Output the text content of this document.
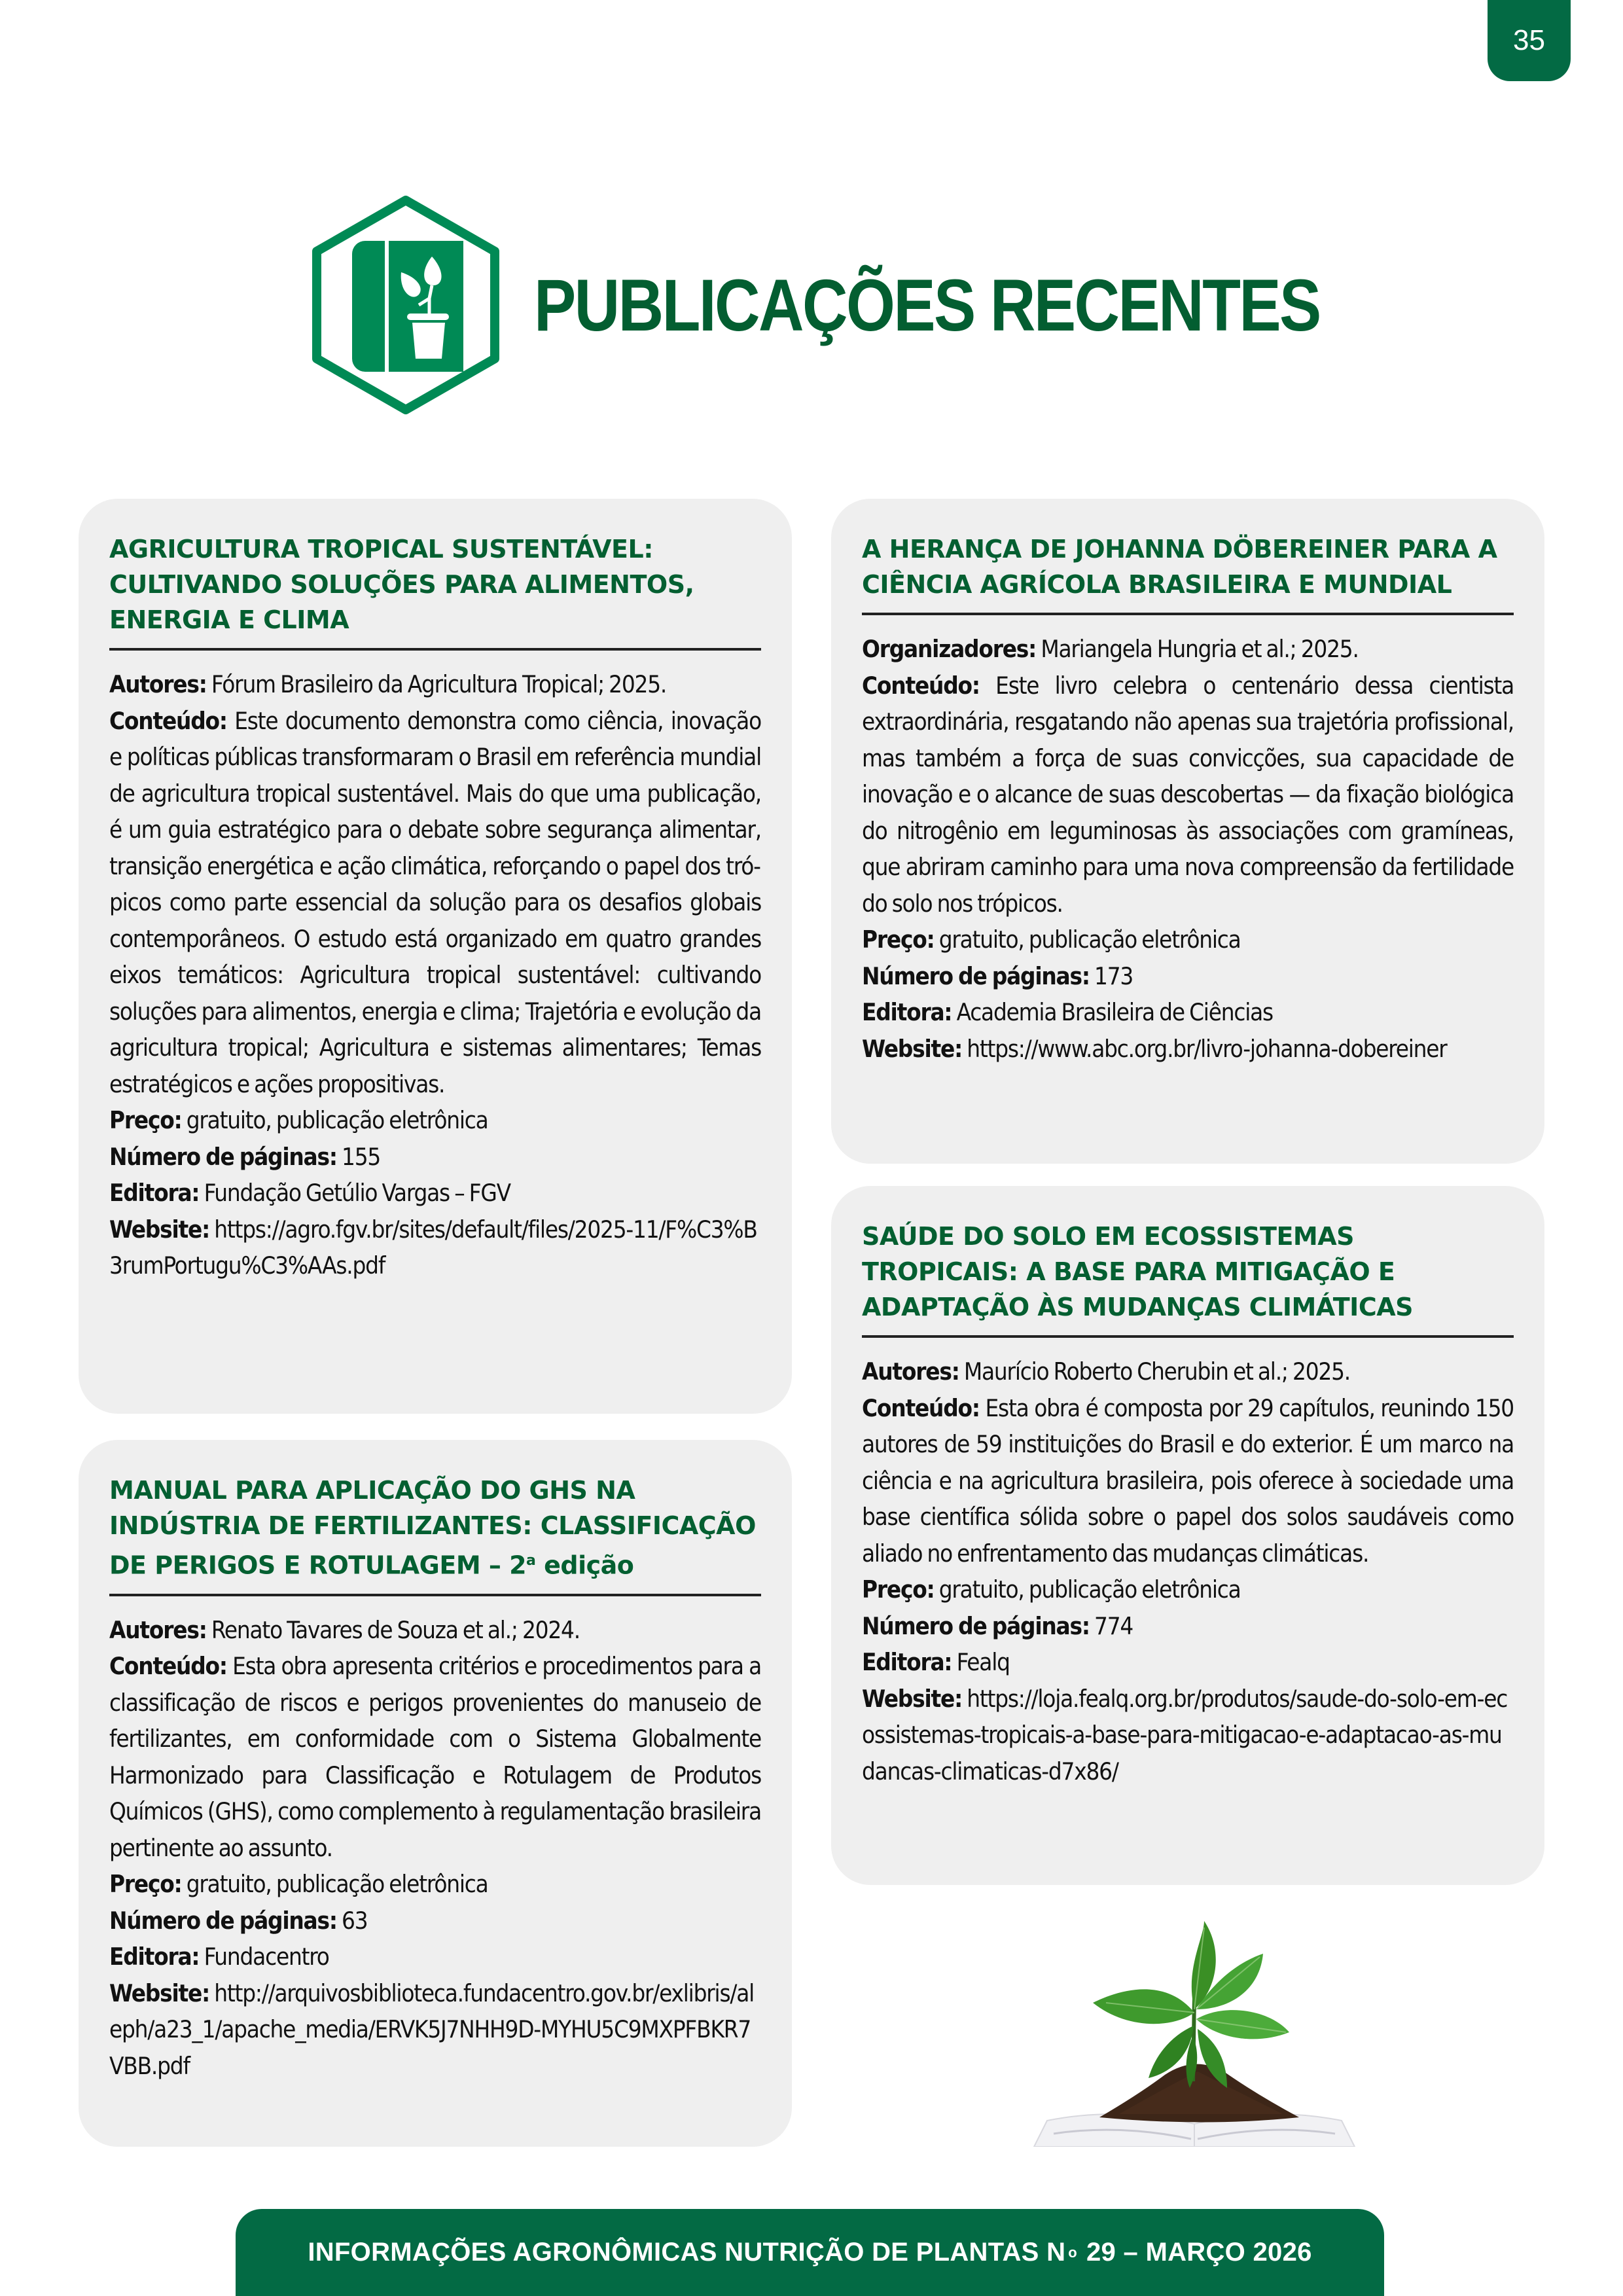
35
PUBLICAÇÕES RECENTES
AGRICULTURA TROPICAL SUSTENTÁVEL: CULTIVANDO SOLUÇÕES PARA ALIMENTOS, ENERGIA E CLIMA
Autores: Fórum Brasileiro da Agricultura Tropical; 2025.
Conteúdo: Este documento demonstra como ciência, inovação e políticas públicas transformaram o Brasil em referência mundial de agricultura tropical sustentável. Mais do que uma publicação, é um guia estratégico para o debate sobre segurança alimentar, transição energética e ação climática, reforçando o papel dos trópicos como parte essencial da solução para os desafios globais contemporâneos. O estudo está organizado em quatro grandes eixos temáticos: Agricultura tropical sustentável: cultivando soluções para alimentos, energia e clima; Trajetória e evolução da agricultura tropical; Agricultura e sistemas alimentares; Temas estratégicos e ações propositivas.
Preço: gratuito, publicação eletrônica
Número de páginas: 155
Editora: Fundação Getúlio Vargas – FGV
Website: https://agro.fgv.br/sites/default/files/2025-11/F%C3%B3rumPortugu%C3%AAs.pdf
MANUAL PARA APLICAÇÃO DO GHS NA INDÚSTRIA DE FERTILIZANTES: CLASSIFICAÇÃO DE PERIGOS E ROTULAGEM – 2$^a$ edição
Autores: Renato Tavares de Souza et al.; 2024.
Conteúdo: Esta obra apresenta critérios e procedimentos para a classificação de riscos e perigos provenientes do manuseio de fertilizantes, em conformidade com o Sistema Globalmente Harmonizado para Classificação e Rotulagem de Produtos Químicos (GHS), como complemento à regulamentação brasileira pertinente ao assunto.
Preço: gratuito, publicação eletrônica
Número de páginas: 63
Editora: Fundacentro
Website: http://arquivosbiblioteca.fundacentro.gov.br/exlibris/aleph/a23_1/apache_media/ERVK5J7NHH9D-MYHU5C9MXPFBKR7VBB.pdf
A HERANÇA DE JOHANNA DÖBEREINER PARA A CIÊNCIA AGRÍCOLA BRASILEIRA E MUNDIAL
Organizadores: Mariangela Hungria et al.; 2025.
Conteúdo: Este livro celebra o centenário dessa cientista extraordinária, resgatando não apenas sua trajetória profissional, mas também a força de suas convicções, sua capacidade de inovação e o alcance de suas descobertas — da fixação biológica do nitrogênio em leguminosas às associações com gramíneas, que abriram caminho para uma nova compreensão da fertilidade do solo nos trópicos.
Preço: gratuito, publicação eletrônica
Número de páginas: 173
Editora: Academia Brasileira de Ciências
Website: https://www.abc.org.br/livro-johanna-dobereiner
SAÚDE DO SOLO EM ECOSSISTEMAS TROPICAIS: A BASE PARA MITIGAÇÃO E ADAPTAÇÃO ÀS MUDANÇAS CLIMÁTICAS
Autores: Maurício Roberto Cherubin et al.; 2025.
Conteúdo: Esta obra é composta por 29 capítulos, reunindo 150 autores de 59 instituições do Brasil e do exterior. É um marco na ciência e na agricultura brasileira, pois oferece à sociedade uma base científica sólida sobre o papel dos solos saudáveis como aliado no enfrentamento das mudanças climáticas.
Preço: gratuito, publicação eletrônica
Número de páginas: 774
Editora: Fealq
Website: https://loja.fealq.org.br/produtos/saude-do-solo-em-ecossistemas-tropicais-a-base-para-mitigacao-e-adaptacao-as-mudancas-climaticas-d7x86/
INFORMAÇÕES AGRONÔMICAS NUTRIÇÃO DE PLANTAS N o 29 – MARÇO 2026
